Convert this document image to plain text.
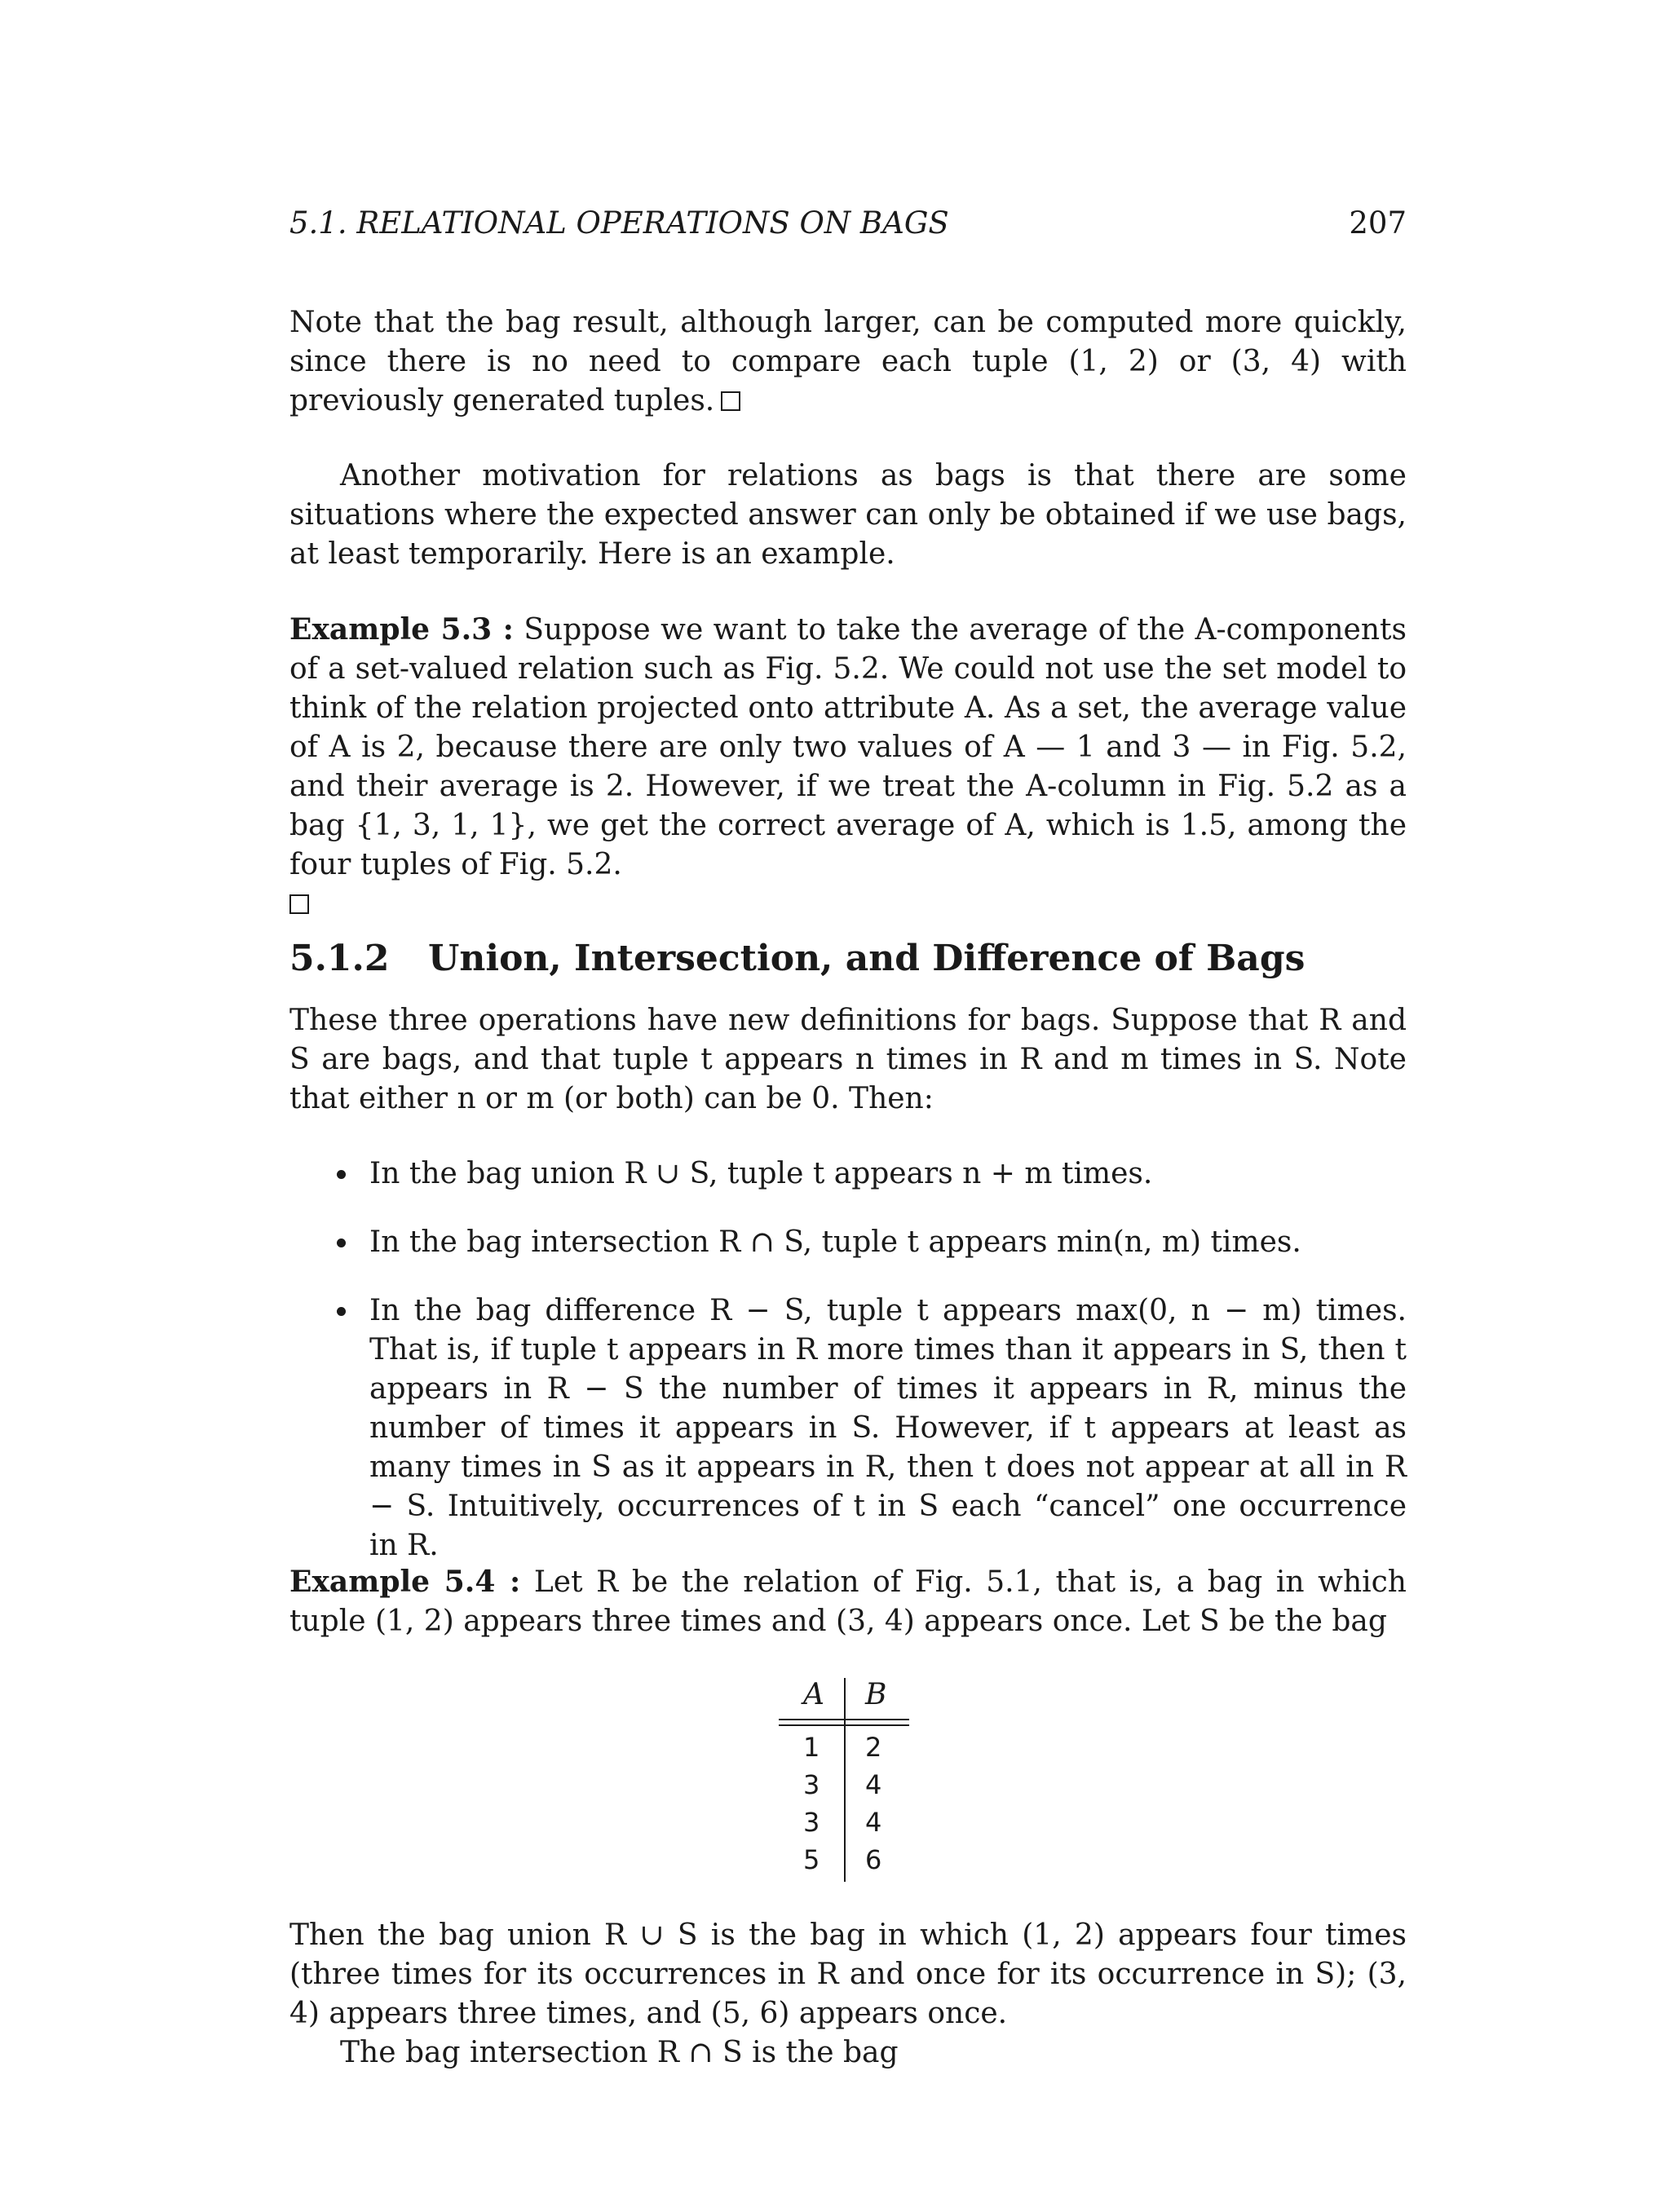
5.1. RELATIONAL OPERATIONS ON BAGS	207
Note that the bag result, although larger, can be computed more quickly, since there is no need to compare each tuple (1, 2) or (3, 4) with previously generated tuples.
Another motivation for relations as bags is that there are some situations where the expected answer can only be obtained if we use bags, at least temporarily. Here is an example.
Example 5.3 : Suppose we want to take the average of the A-components of a set-valued relation such as Fig. 5.2. We could not use the set model to think of the relation projected onto attribute A. As a set, the average value of A is 2, because there are only two values of A — 1 and 3 — in Fig. 5.2, and their average is 2. However, if we treat the A-column in Fig. 5.2 as a bag {1, 3, 1, 1}, we get the correct average of A, which is 1.5, among the four tuples of Fig. 5.2.

5.1.2 Union, Intersection, and Difference of Bags
These three operations have new definitions for bags. Suppose that R and S are bags, and that tuple t appears n times in R and m times in S. Note that either n or m (or both) can be 0. Then:
In the bag union R ∪ S, tuple t appears n + m times.
In the bag intersection R ∩ S, tuple t appears min(n, m) times.
In the bag difference R − S, tuple t appears max(0, n − m) times. That is, if tuple t appears in R more times than it appears in S, then t appears in R − S the number of times it appears in R, minus the number of times it appears in S. However, if t appears at least as many times in S as it appears in R, then t does not appear at all in R − S. Intuitively, occurrences of t in S each “cancel” one occurrence in R.
Example 5.4 : Let R be the relation of Fig. 5.1, that is, a bag in which tuple (1, 2) appears three times and (3, 4) appears once. Let S be the bag
Then the bag union R ∪ S is the bag in which (1, 2) appears four times (three times for its occurrences in R and once for its occurrence in S); (3, 4) appears three times, and (5, 6) appears once.
The bag intersection R ∩ S is the bag
A B
1 2
3 4
3 4
5 6
